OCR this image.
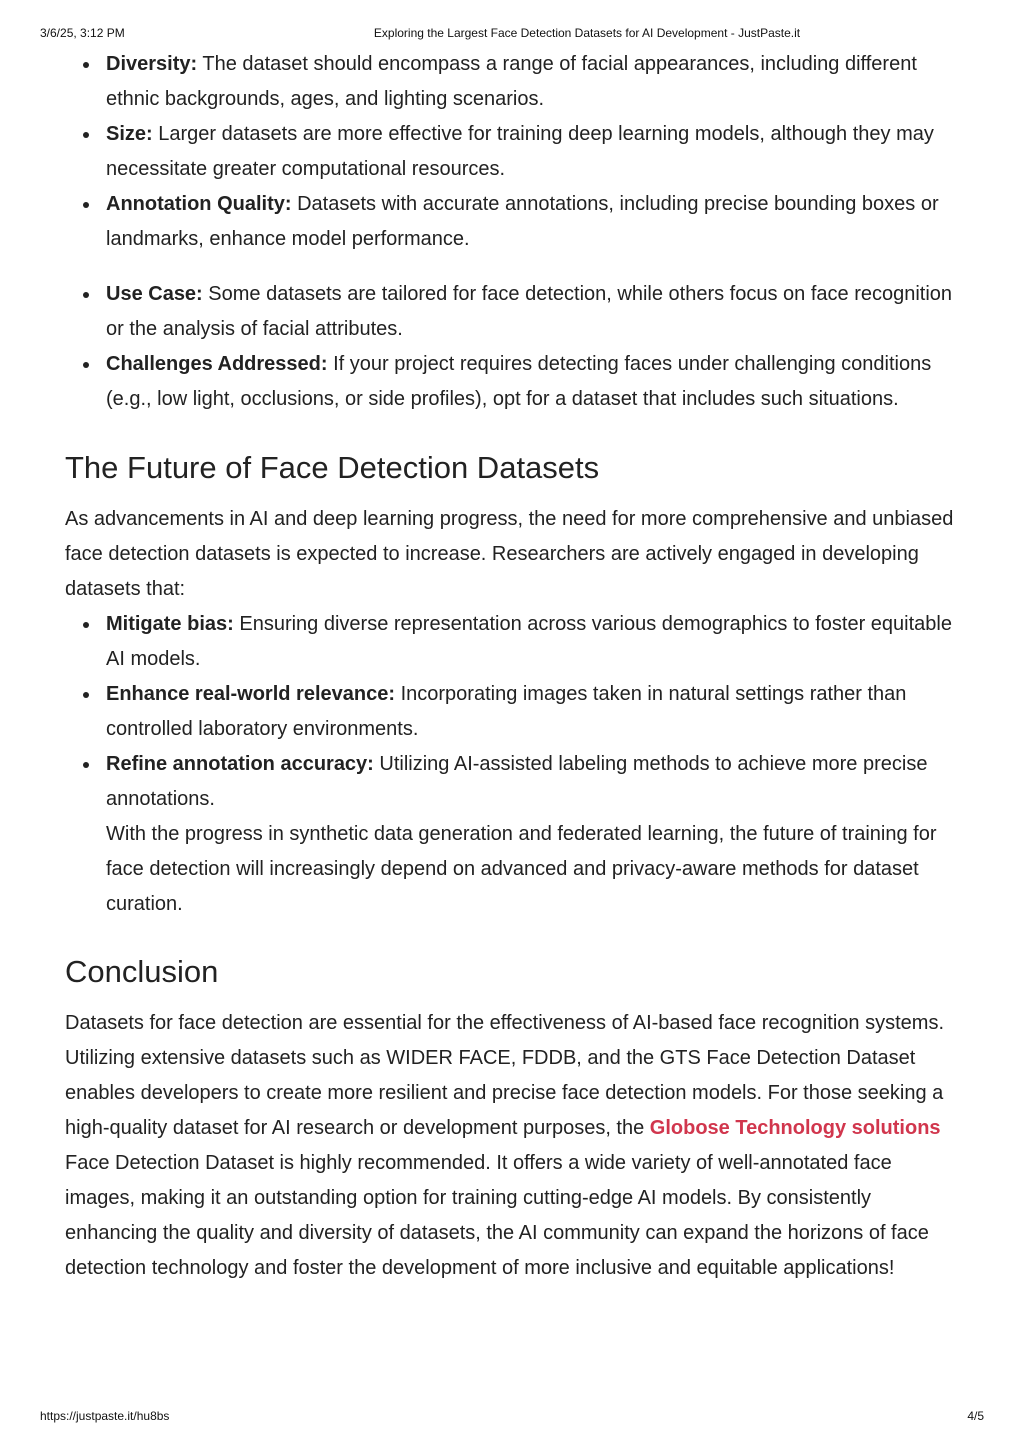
3/6/25, 3:12 PM	Exploring the Largest Face Detection Datasets for AI Development - JustPaste.it
Diversity: The dataset should encompass a range of facial appearances, including different ethnic backgrounds, ages, and lighting scenarios.
Size: Larger datasets are more effective for training deep learning models, although they may necessitate greater computational resources.
Annotation Quality: Datasets with accurate annotations, including precise bounding boxes or landmarks, enhance model performance.
Use Case: Some datasets are tailored for face detection, while others focus on face recognition or the analysis of facial attributes.
Challenges Addressed: If your project requires detecting faces under challenging conditions (e.g., low light, occlusions, or side profiles), opt for a dataset that includes such situations.
The Future of Face Detection Datasets

As advancements in AI and deep learning progress, the need for more comprehensive and unbiased face detection datasets is expected to increase. Researchers are actively engaged in developing datasets that:

Mitigate bias: Ensuring diverse representation across various demographics to foster equitable AI models.
Enhance real-world relevance: Incorporating images taken in natural settings rather than controlled laboratory environments.
Refine annotation accuracy: Utilizing AI-assisted labeling methods to achieve more precise annotations.
With the progress in synthetic data generation and federated learning, the future of training for face detection will increasingly depend on advanced and privacy-aware methods for dataset curation.
Conclusion

Datasets for face detection are essential for the effectiveness of AI-based face recognition systems. Utilizing extensive datasets such as WIDER FACE, FDDB, and the GTS Face Detection Dataset enables developers to create more resilient and precise face detection models. For those seeking a high-quality dataset for AI research or development purposes, the Globose Technology solutions Face Detection Dataset is highly recommended. It offers a wide variety of well-annotated face images, making it an outstanding option for training cutting-edge AI models. By consistently enhancing the quality and diversity of datasets, the AI community can expand the horizons of face detection technology and foster the development of more inclusive and equitable applications!

https://justpaste.it/hu8bs	4/5
